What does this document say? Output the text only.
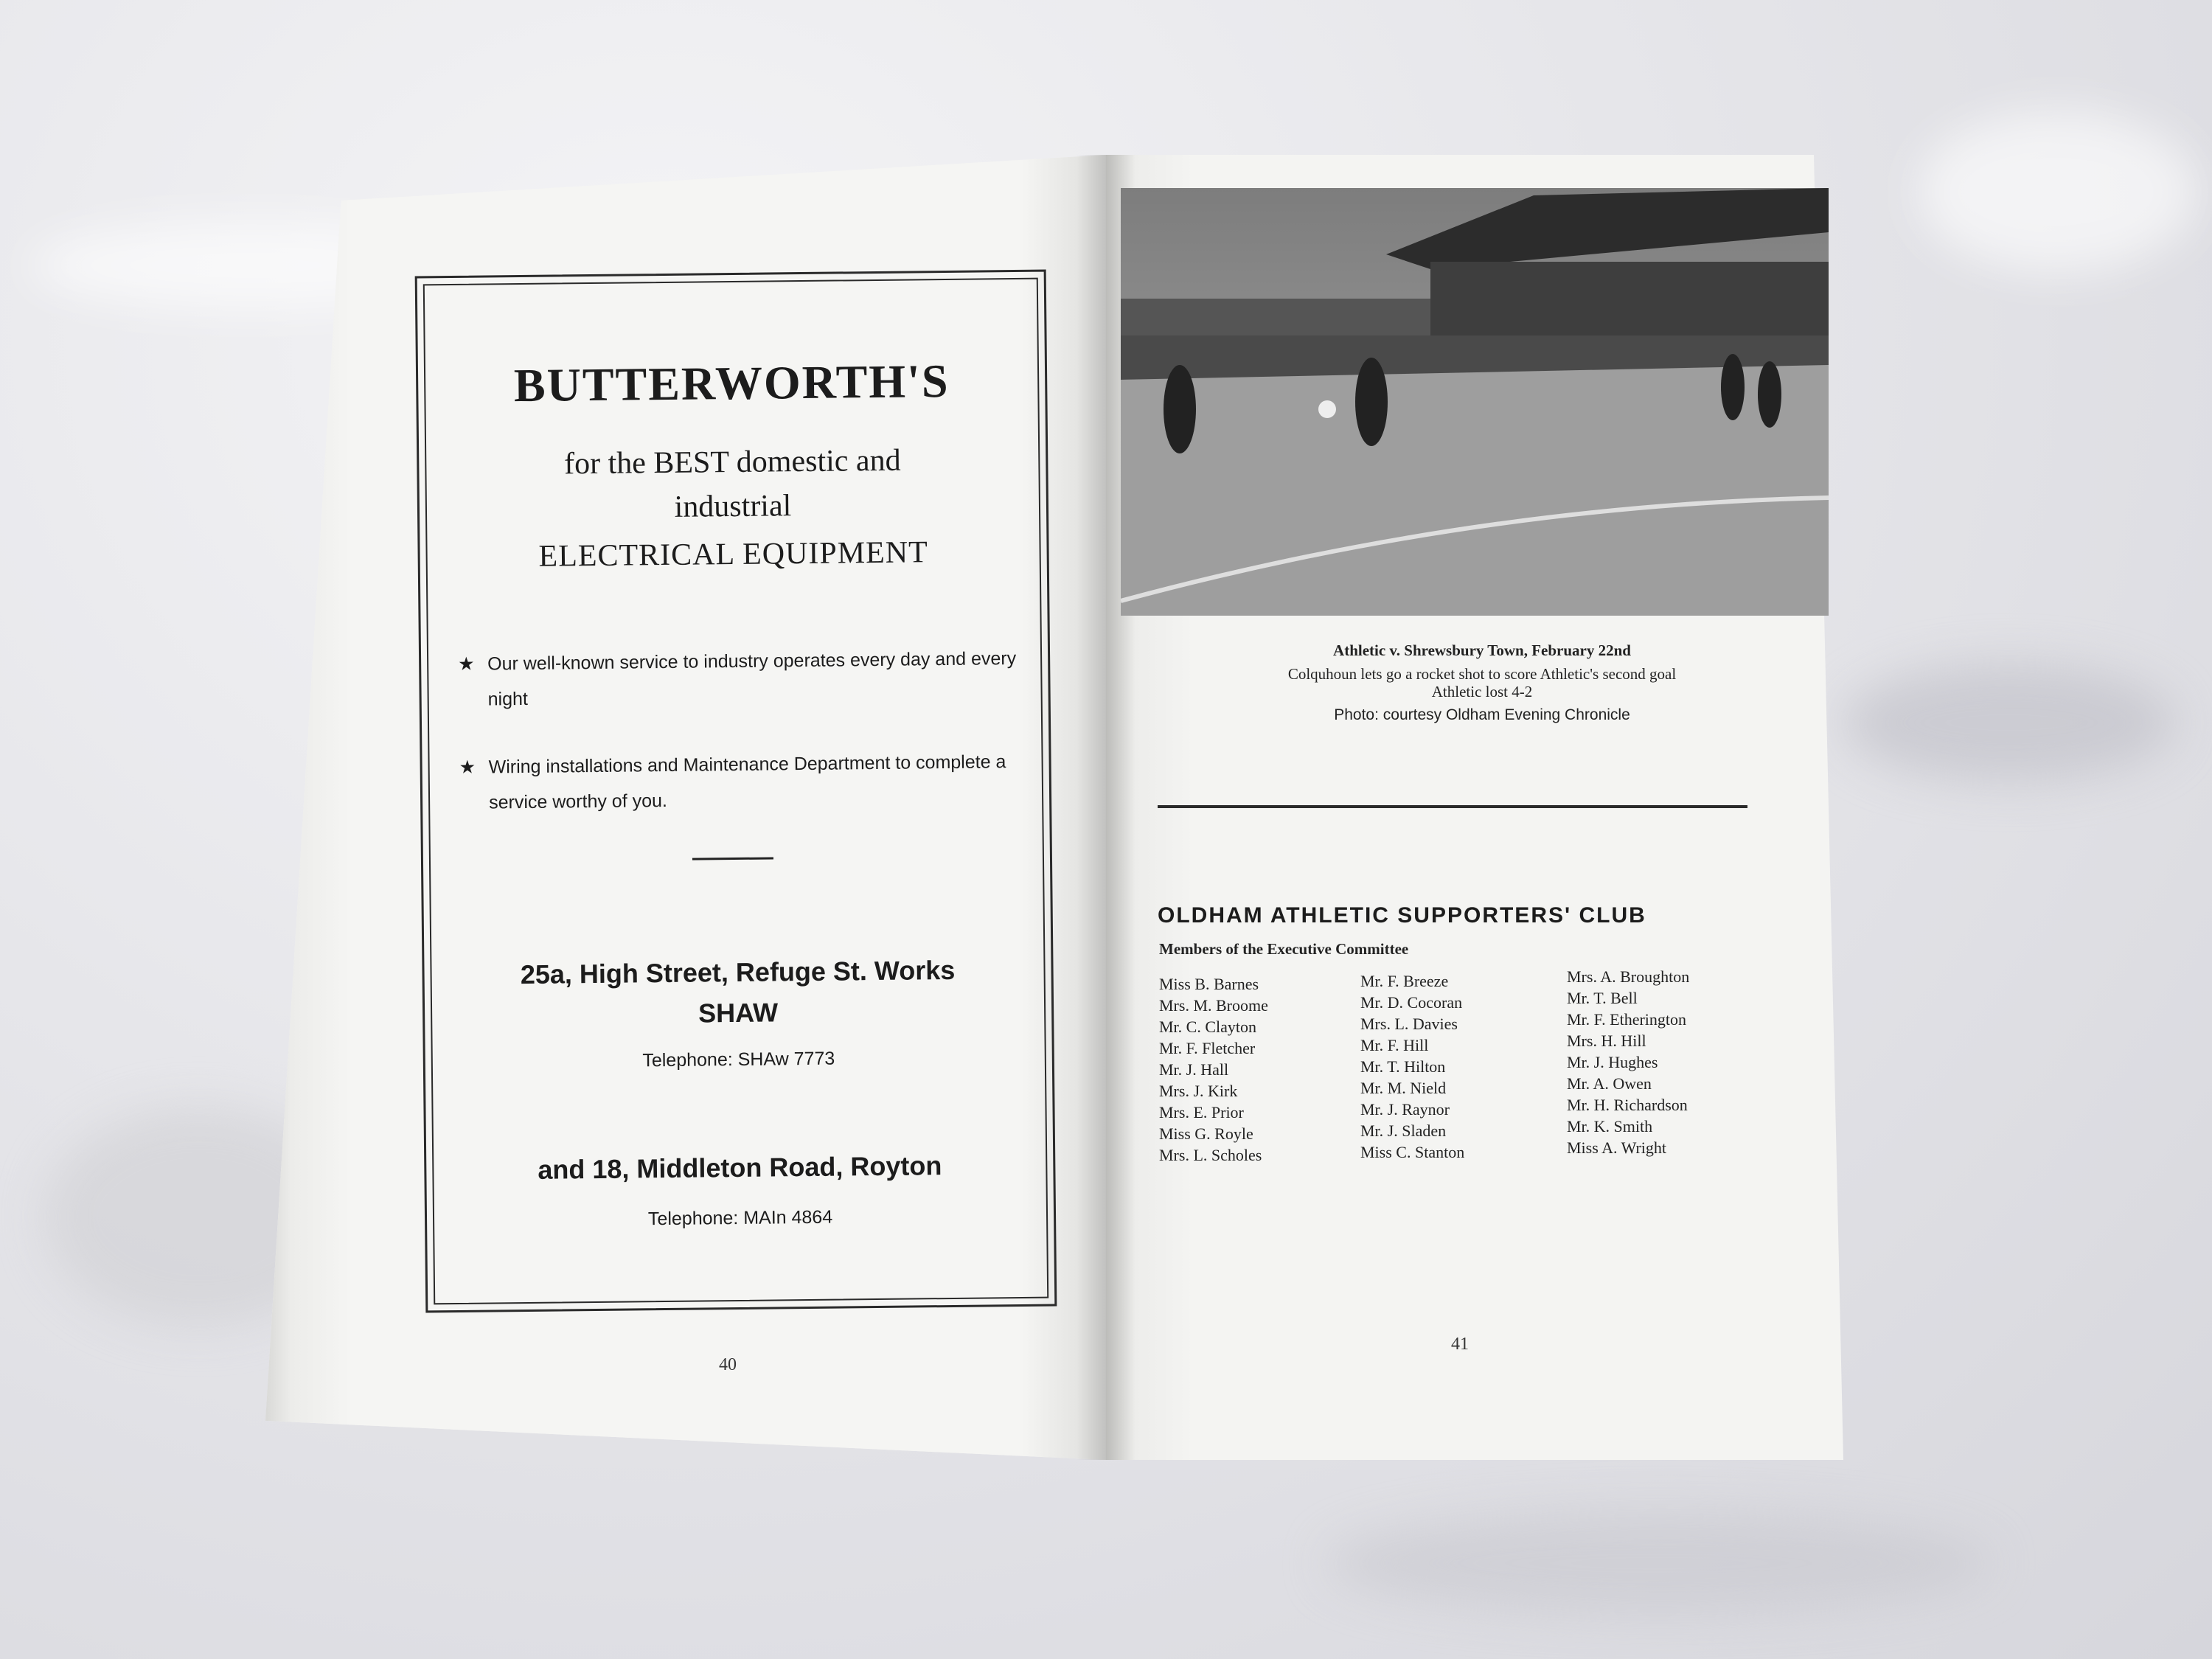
BUTTERWORTH'S
for the BEST domestic and
industrial
ELECTRICAL EQUIPMENT
★ Our well-known service to industry operates every day and every night
★ Wiring installations and Maintenance Department to complete a service worthy of you.
25a, High Street, Refuge St. Works
SHAW
Telephone: SHAw 7773
and 18, Middleton Road, Royton
Telephone: MAIn 4864
40
Athletic v. Shrewsbury Town, February 22nd
Colquhoun lets go a rocket shot to score Athletic's second goal
Athletic lost 4-2
Photo: courtesy Oldham Evening Chronicle
OLDHAM ATHLETIC SUPPORTERS' CLUB
Members of the Executive Committee
Miss B. Barnes
Mrs. M. Broome
Mr. C. Clayton
Mr. F. Fletcher
Mr. J. Hall
Mrs. J. Kirk
Mrs. E. Prior
Miss G. Royle
Mrs. L. Scholes
Mr. F. Breeze
Mr. D. Cocoran
Mrs. L. Davies
Mr. F. Hill
Mr. T. Hilton
Mr. M. Nield
Mr. J. Raynor
Mr. J. Sladen
Miss C. Stanton
Mrs. A. Broughton
Mr. T. Bell
Mr. F. Etherington
Mrs. H. Hill
Mr. J. Hughes
Mr. A. Owen
Mr. H. Richardson
Mr. K. Smith
Miss A. Wright
41
